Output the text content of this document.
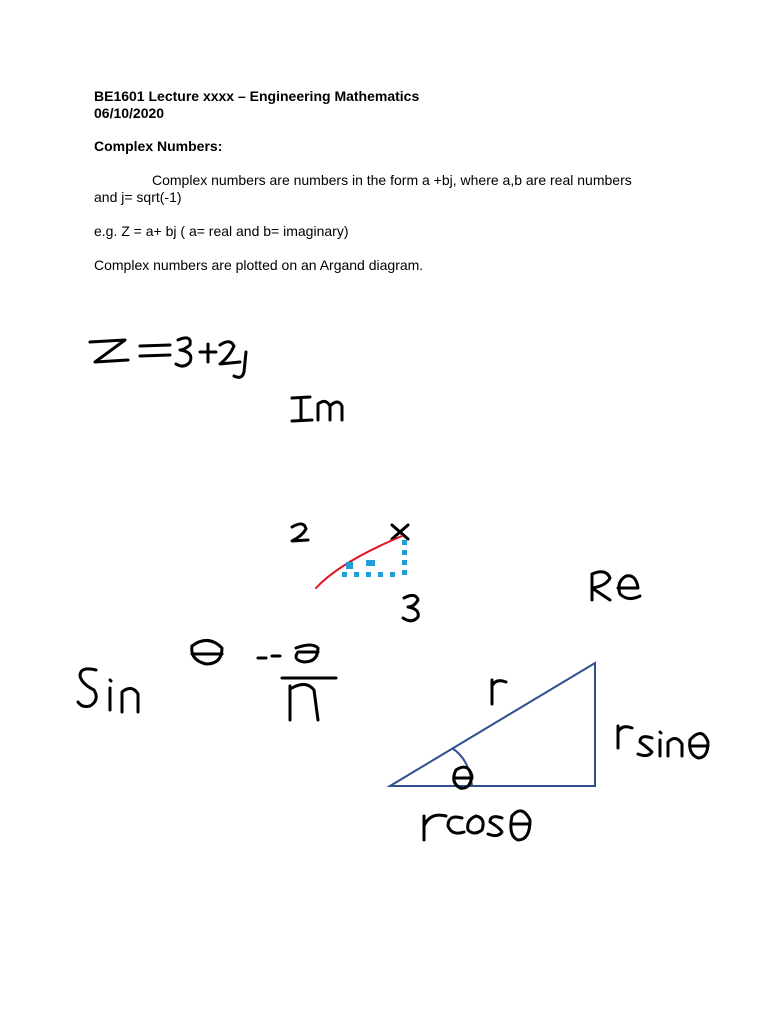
BE1601 Lecture xxxx – Engineering Mathematics
06/10/2020
Complex Numbers:
Complex numbers are numbers in the form a +bj, where a,b are real numbers
and j= sqrt(-1)
e.g. Z = a+ bj ( a= real and b= imaginary)
Complex numbers are plotted on an Argand diagram.
